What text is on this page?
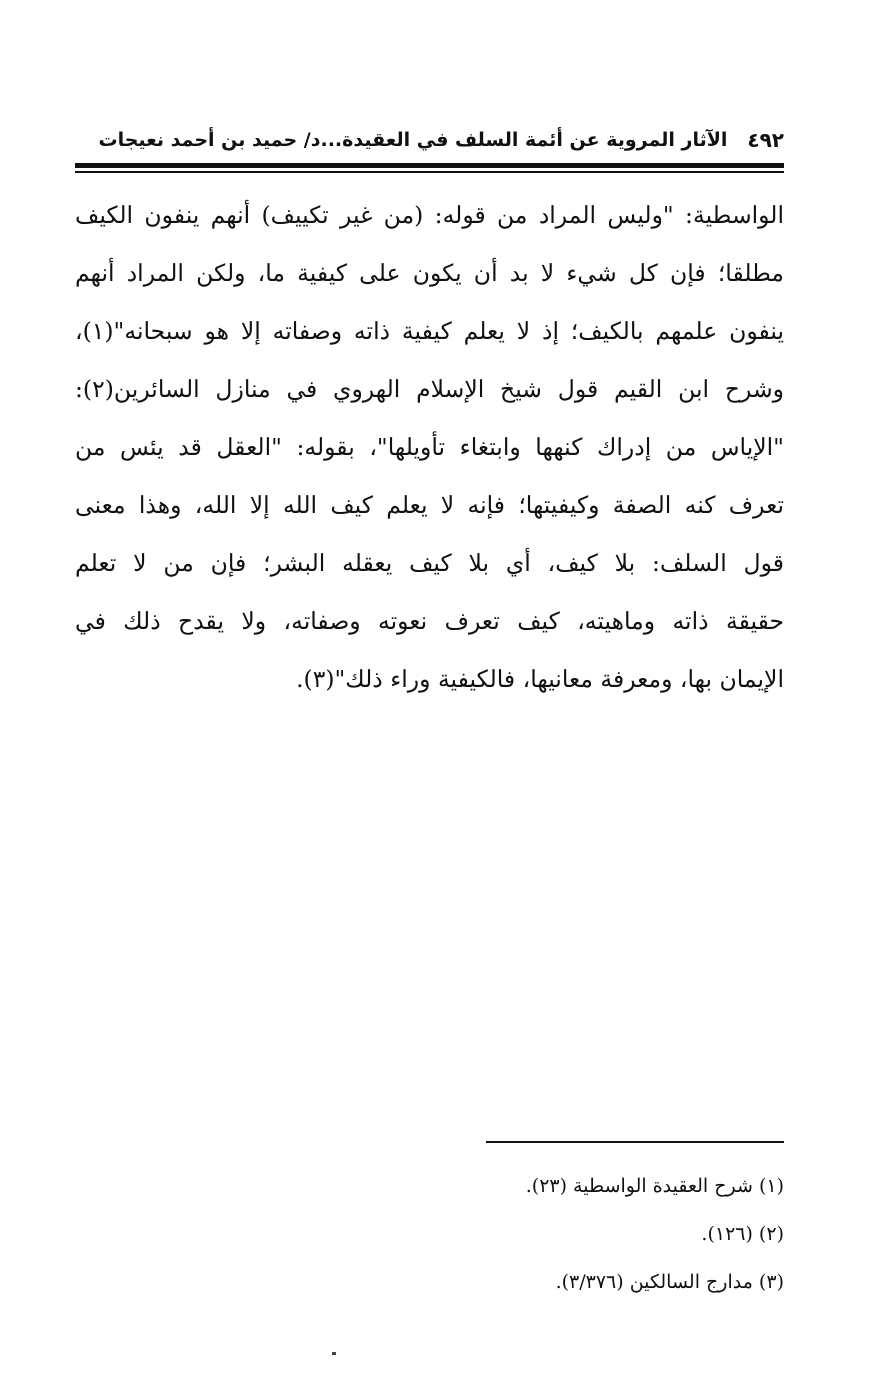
٤٩٢
الآثار المروية عن أئمة السلف في العقيدة...د/ حميد بن أحمد نعيجات
الواسطية: "وليس المراد من قوله: (من غير تكييف) أنهم ينفون الكيف
مطلقا؛ فإن كل شيء لا بد أن يكون على كيفية ما، ولكن المراد أنهم
ينفون علمهم بالكيف؛ إذ لا يعلم كيفية ذاته وصفاته إلا هو سبحانه"(١)،
وشرح ابن القيم قول شيخ الإسلام الهروي في منازل السائرين(٢):
"الإياس من إدراك كنهها وابتغاء تأويلها"، بقوله: "العقل قد يئس من
تعرف كنه الصفة وكيفيتها؛ فإنه لا يعلم كيف الله إلا الله، وهذا معنى
قول السلف: بلا كيف، أي بلا كيف يعقله البشر؛ فإن من لا تعلم
حقيقة ذاته وماهيته، كيف تعرف نعوته وصفاته، ولا يقدح ذلك في
الإيمان بها، ومعرفة معانيها، فالكيفية وراء ذلك"(٣).
(١) شرح العقيدة الواسطية (٢٣).
(٢) (١٢٦).
(٣) مدارج السالكين (٣/٣٧٦).
